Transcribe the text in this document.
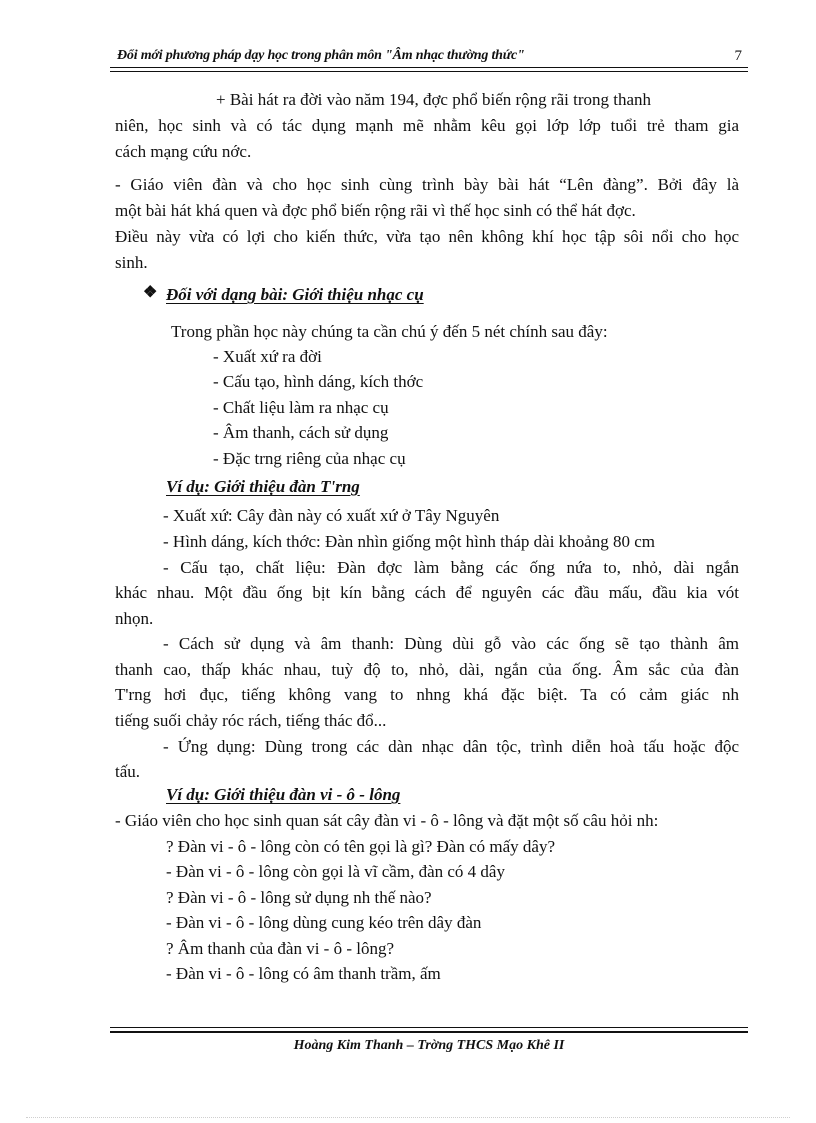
Đổi mới phương pháp dạy học trong phân môn "Âm nhạc thường thức"	7
+ Bài hát ra đời vào năm 194, đợc phổ biến rộng rãi trong thanh
niên, học sinh và có tác dụng mạnh mẽ nhằm kêu gọi lớp lớp tuổi trẻ tham gia
cách mạng cứu nớc.
- Giáo viên đàn và cho học sinh cùng trình bày bài hát “Lên đàng”. Bởi đây là
một bài hát khá quen và đợc phổ biến rộng rãi vì thế học sinh có thể hát đợc.
Điều này vừa có lợi cho kiến thức, vừa tạo nên không khí học tập sôi nổi cho học
sinh.
❖ Đối với dạng bài: Giới thiệu nhạc cụ
Trong phần học này chúng ta cần chú ý đến 5 nét chính sau đây:
- Xuất xứ ra đời
- Cấu tạo, hình dáng, kích thớc
- Chất liệu làm ra nhạc cụ
- Âm thanh, cách sử dụng
- Đặc trng riêng của nhạc cụ
Ví dụ: Giới thiệu đàn T'rng
- Xuất xứ: Cây đàn này có xuất xứ ở Tây Nguyên
- Hình dáng, kích thớc: Đàn nhìn giống một hình tháp dài khoảng 80 cm
- Cấu tạo, chất liệu: Đàn đợc làm bằng các ống nứa to, nhỏ, dài ngắn
khác nhau. Một đầu ống bịt kín bằng cách để nguyên các đầu mấu, đầu kia vót
nhọn.
- Cách sử dụng và âm thanh: Dùng dùi gỗ vào các ống sẽ tạo thành âm
thanh cao, thấp khác nhau, tuỳ độ to, nhỏ, dài, ngắn của ống. Âm sắc của đàn
T'rng hơi đục, tiếng không vang to nhng khá đặc biệt. Ta có cảm giác nh
tiếng suối chảy róc rách, tiếng thác đổ...
- Ứng dụng: Dùng trong các dàn nhạc dân tộc, trình diễn hoà tấu hoặc độc
tấu.
Ví dụ: Giới thiệu đàn vi - ô - lông
- Giáo viên cho học sinh quan sát cây đàn vi - ô - lông và đặt một số câu hỏi nh:
? Đàn vi - ô - lông còn có tên gọi là gì? Đàn có mấy dây?
- Đàn vi - ô - lông còn gọi là vĩ cầm, đàn có 4 dây
? Đàn vi - ô - lông sử dụng nh thế nào?
- Đàn vi - ô - lông dùng cung kéo trên dây đàn
? Âm thanh của đàn vi - ô - lông?
- Đàn vi - ô - lông có âm thanh trầm, ấm
Hoàng Kim Thanh – Trờng THCS Mạo Khê II
